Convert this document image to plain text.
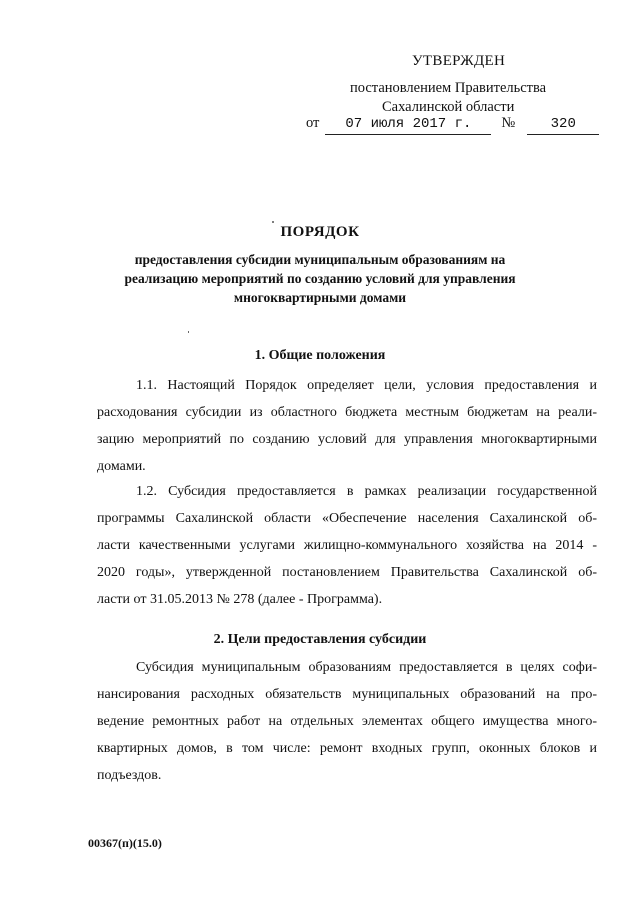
УТВЕРЖДЕН
постановлением Правительства
Сахалинской области
от 07 июля 2017 г. №	320
ПОРЯДОК
предоставления субсидии муниципальным образованиям на
реализацию мероприятий по созданию условий для управления
многоквартирными домами
1. Общие положения
1.1. Настоящий Порядок определяет цели, условия предоставления и
расходования субсидии из областного бюджета местным бюджетам на реали-
зацию мероприятий по созданию условий для управления многоквартирными
домами.
1.2. Субсидия предоставляется в рамках реализации государственной
программы Сахалинской области «Обеспечение населения Сахалинской об-
ласти качественными услугами жилищно-коммунального хозяйства на 2014 -
2020 годы», утвержденной постановлением Правительства Сахалинской об-
ласти от 31.05.2013 № 278 (далее - Программа).
2. Цели предоставления субсидии
Субсидия муниципальным образованиям предоставляется в целях софи-
нансирования расходных обязательств муниципальных образований на про-
ведение ремонтных работ на отдельных элементах общего имущества много-
квартирных домов, в том числе: ремонт входных групп, оконных блоков и
подъездов.
00367(п)(15.0)
